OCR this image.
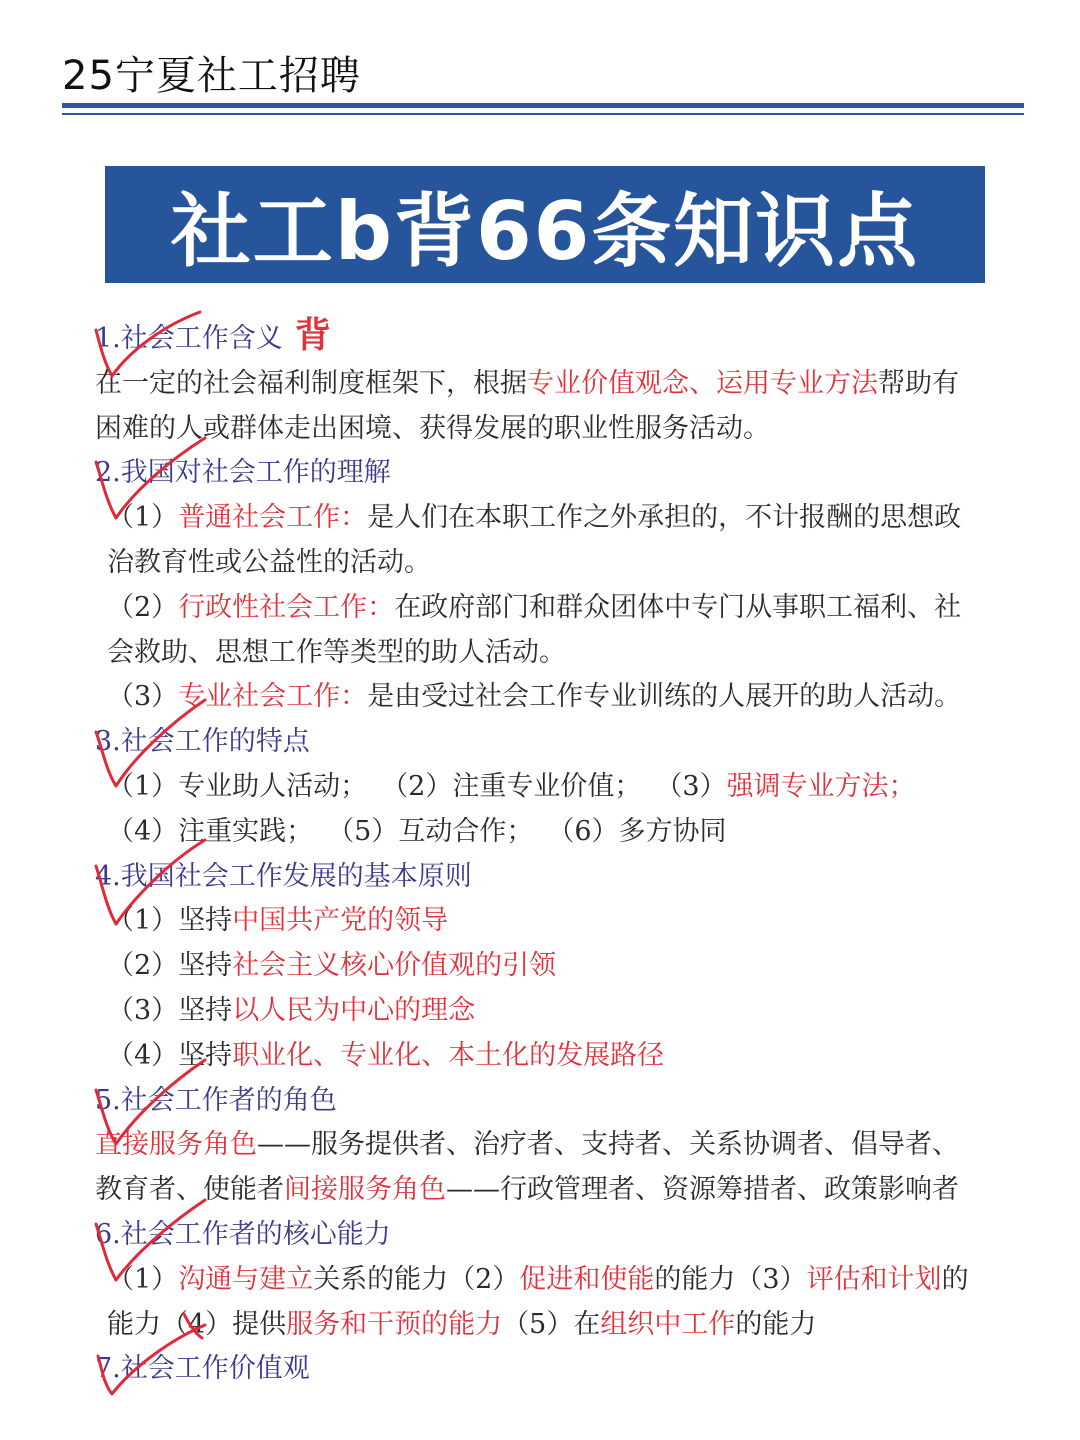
25宁夏社工招聘
社工b背66条知识点

1.社会工作含义 背

在一定的社会福利制度框架下，根据专业价值观念、运用专业方法帮助有困难的人或群体走出困境、获得发展的职业性服务活动。

2.我国对社会工作的理解

（1）普通社会工作：是人们在本职工作之外承担的，不计报酬的思想政治教育性或公益性的活动。

（2）行政性社会工作：在政府部门和群众团体中专门从事职工福利、社会救助、思想工作等类型的助人活动。

（3）专业社会工作：是由受过社会工作专业训练的人展开的助人活动。

3.社会工作的特点

（1）专业助人活动； （2）注重专业价值； （3）强调专业方法；（4）注重实践； （5）互动合作； （6）多方协同

4.我国社会工作发展的基本原则

（1）坚持中国共产党的领导

（2）坚持社会主义核心价值观的引领

（3）坚持以人民为中心的理念

（4）坚持职业化、专业化、本土化的发展路径

5.社会工作者的角色

直接服务角色——服务提供者、治疗者、支持者、关系协调者、倡导者、教育者、使能者间接服务角色——行政管理者、资源筹措者、政策影响者

6.社会工作者的核心能力

（1）沟通与建立关系的能力（2）促进和使能的能力（3）评估和计划的能力（4）提供服务和干预的能力（5）在组织中工作的能力

7.社会工作价值观
